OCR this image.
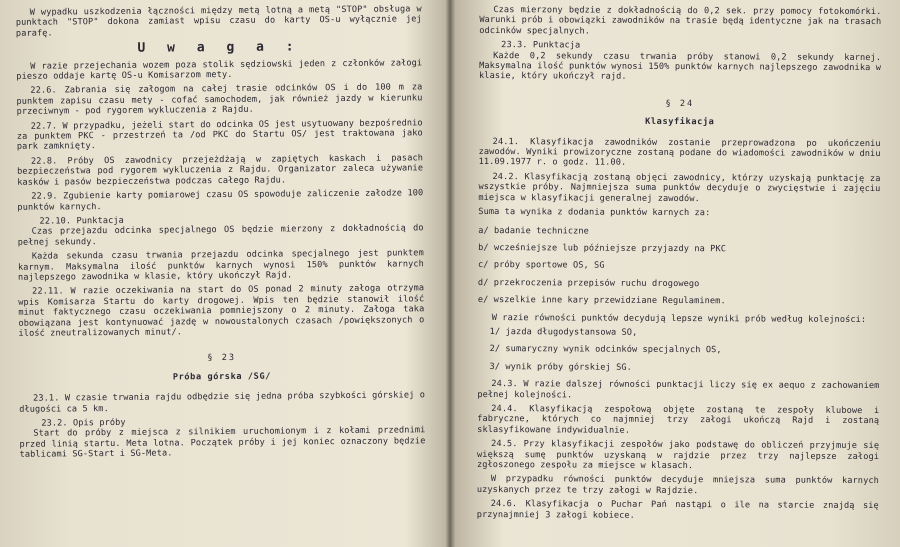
W wypadku uszkodzenia łączności między metą lotną a metą "STOP" obsługa w punktach "STOP" dokona zamiast wpisu czasu do karty OS-u wyłącznie jej parafę.

U w a g a :

W razie przejechania wozem poza stolik sędziowski jeden z członków załogi pieszo oddaje kartę OS-u Komisarzom mety.

22.6. Zabrania się załogom na całej trasie odcinków OS i do 100 m za punktem zapisu czasu mety - cofać samochodem, jak również jazdy w kierunku przeciwnym - pod rygorem wykluczenia z Rajdu.

22.7. W przypadku, jeżeli start do odcinka OS jest usytuowany bezpośrednio za punktem PKC - przestrzeń ta /od PKC do Startu OS/ jest traktowana jako park zamknięty.

22.8. Próby OS zawodnicy przejeżdżają w zapiętych kaskach i pasach bezpieczeństwa pod rygorem wykluczenia z Rajdu. Organizator zaleca używanie kasków i pasów bezpieczeństwa podczas całego Rajdu.

22.9. Zgubienie karty pomiarowej czasu OS spowoduje zaliczenie załodze 100 punktów karnych.

22.10. Punktacja

Czas przejazdu odcinka specjalnego OS będzie mierzony z dokładnością do pełnej sekundy.

Każda sekunda czasu trwania przejazdu odcinka specjalnego jest punktem karnym. Maksymalna ilość punktów karnych wynosi 150% punktów karnych najlepszego zawodnika w klasie, który ukończył Rajd.

22.11. W razie oczekiwania na start do OS ponad 2 minuty załoga otrzyma wpis Komisarza Startu do karty drogowej. Wpis ten będzie stanowił ilość minut faktycznego czasu oczekiwania pomniejszony o 2 minuty. Załoga taka obowiązana jest kontynuować jazdę w nowoustalonych czasach /powiększonych o ilość zneutralizowanych minut/.

§ 23
Próba górska /SG/

23.1. W czasie trwania rajdu odbędzie się jedna próba szybkości górskiej o długości ca 5 km.

23.2. Opis próby

Start do próby z miejsca z silnikiem uruchomionym i z kołami przednimi przed linią startu. Meta lotna. Początek próby i jej koniec oznaczony będzie tablicami SG-Start i SG-Meta.

Czas mierzony będzie z dokładnością do 0,2 sek. przy pomocy fotokomórki. Warunki prób i obowiązki zawodników na trasie będą identyczne jak na trasach odcinków specjalnych.

23.3. Punktacja

Każde 0,2 sekundy czasu trwania próby stanowi 0,2 sekundy karnej. Maksymalna ilość punktów wynosi 150% punktów karnych najlepszego zawodnika w klasie, który ukończył rajd.

§ 24
Klasyfikacja

24.1. Klasyfikacja zawodników zostanie przeprowadzona po ukończeniu zawodów. Wyniki prowizoryczne zostaną podane do wiadomości zawodników w dniu 11.09.1977 r. o godz. 11.00.

24.2. Klasyfikacją zostaną objęci zawodnicy, którzy uzyskają punktację za wszystkie próby. Najmniejsza suma punktów decyduje o zwycięstwie i zajęciu miejsca w klasyfikacji generalnej zawodów.

Suma ta wynika z dodania punktów karnych za:

a/ badanie techniczne

b/ wcześniejsze lub późniejsze przyjazdy na PKC

c/ próby sportowe OS, SG

d/ przekroczenia przepisów ruchu drogowego

e/ wszelkie inne kary przewidziane Regulaminem.

W razie równości punktów decydują lepsze wyniki prób według kolejności:

1/ jazda długodystansowa SO,

2/ sumaryczny wynik odcinków specjalnych OS,

3/ wynik próby górskiej SG.

24.3. W razie dalszej równości punktacji liczy się ex aequo z zachowaniem pełnej kolejności.

24.4. Klasyfikacją zespołową objęte zostaną te zespoły klubowe i fabryczne, których co najmniej trzy załogi ukończą Rajd i zostaną sklasyfikowane indywidualnie.

24.5. Przy klasyfikacji zespołów jako podstawę do obliczeń przyjmuje się większą sumę punktów uzyskaną w rajdzie przez trzy najlepsze załogi zgłoszonego zespołu za miejsce w klasach.

W przypadku równości punktów decyduje mniejsza suma punktów karnych uzyskanych przez te trzy załogi w Rajdzie.

24.6. Klasyfikacja o Puchar Pań nastąpi o ile na starcie znajdą się przynajmniej 3 załogi kobiece.
